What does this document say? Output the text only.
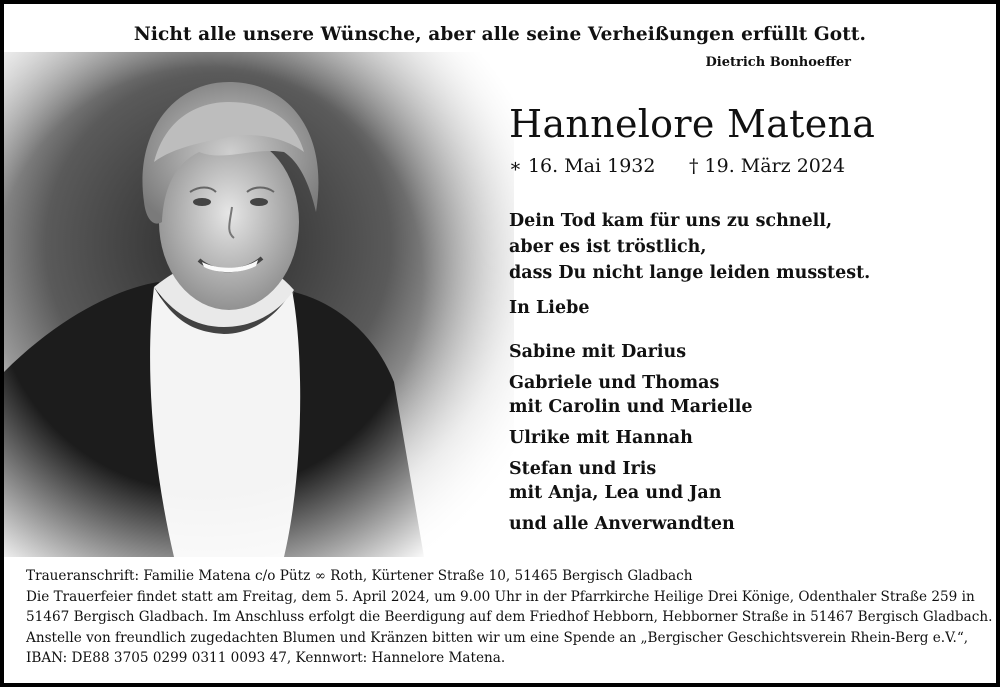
Nicht alle unsere Wünsche, aber alle seine Verheißungen erfüllt Gott.
Dietrich Bonhoeffer
Hannelore Matena
∗ 16. Mai 1932	† 19. März 2024
Dein Tod kam für uns zu schnell,
aber es ist tröstlich,
dass Du nicht lange leiden musstest.
In Liebe
Sabine mit Darius
Gabriele und Thomas
mit Carolin und Marielle
Ulrike mit Hannah
Stefan und Iris
mit Anja, Lea und Jan
und alle Anverwandten

Traueranschrift: Familie Matena c/o Pütz ∞ Roth, Kürtener Straße 10, 51465 Bergisch Gladbach

Die Trauerfeier findet statt am Freitag, dem 5. April 2024, um 9.00 Uhr in der Pfarrkirche Heilige Drei Könige, Odenthaler Straße 259 in

51467 Bergisch Gladbach. Im Anschluss erfolgt die Beerdigung auf dem Friedhof Hebborn, Hebborner Straße in 51467 Bergisch Gladbach.

Anstelle von freundlich zugedachten Blumen und Kränzen bitten wir um eine Spende an „Bergischer Geschichtsverein Rhein-Berg e.V.“,

IBAN: DE88 3705 0299 0311 0093 47, Kennwort: Hannelore Matena.
